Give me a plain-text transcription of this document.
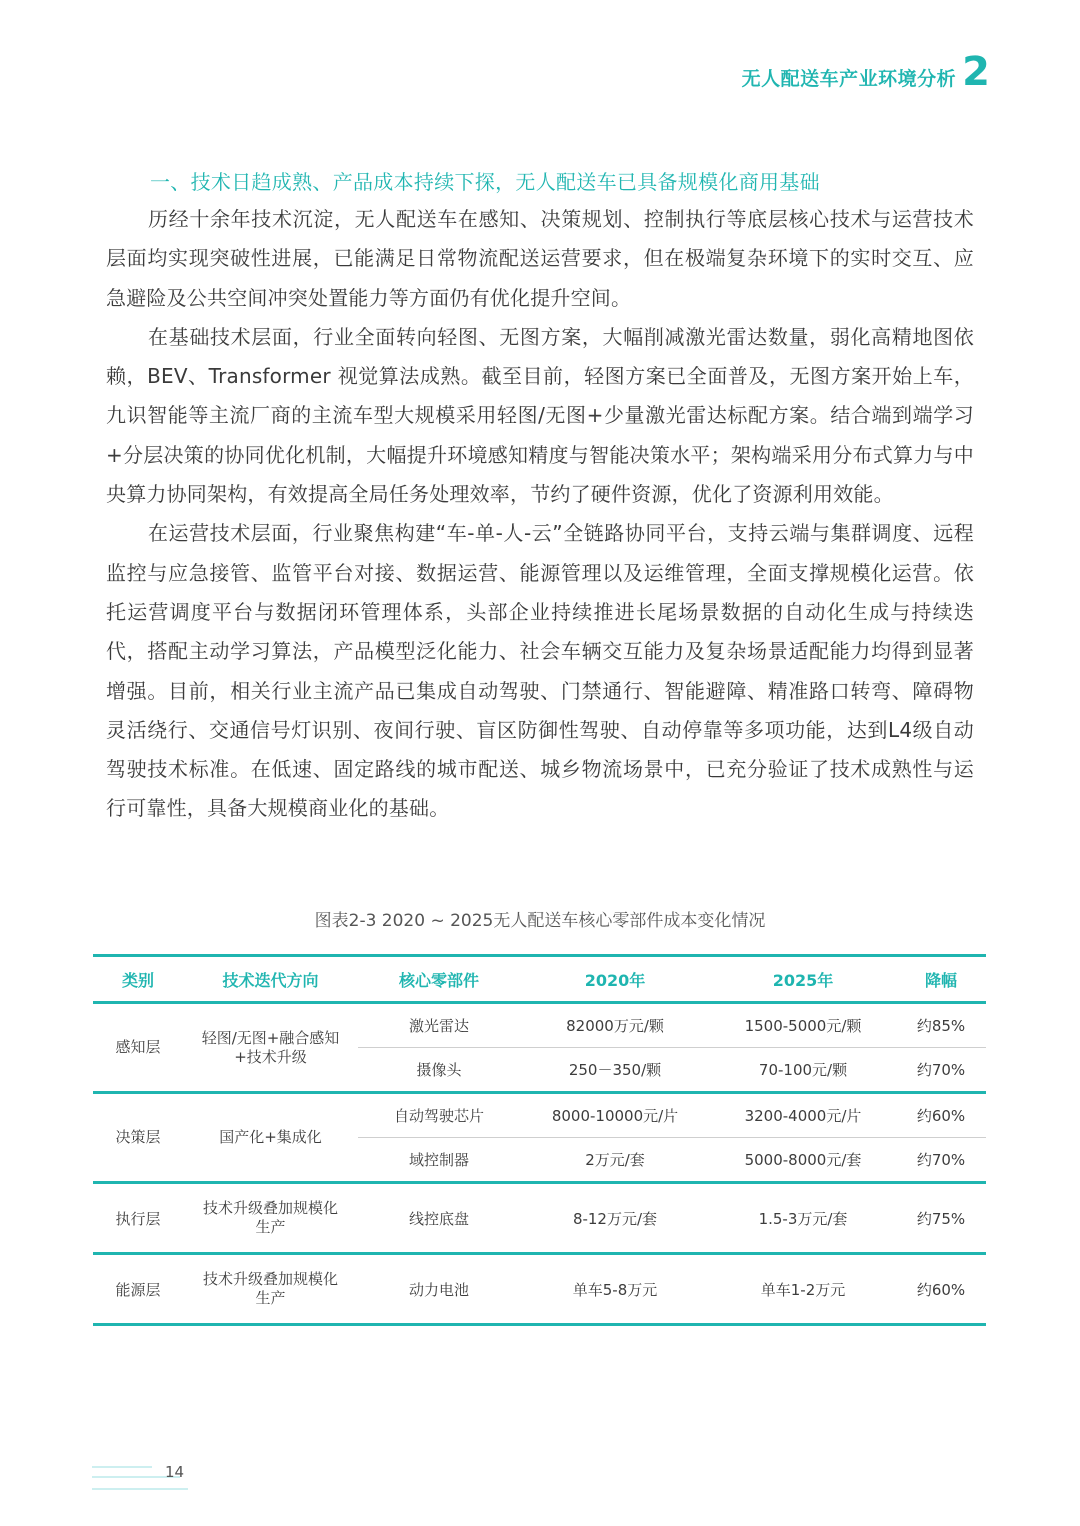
无人配送车产业环境分析 2
一、技术日趋成熟、产品成本持续下探，无人配送车已具备规模化商用基础

历经十余年技术沉淀，无人配送车在感知、决策规划、控制执行等底层核心技术与运营技术层面均实现突破性进展，已能满足日常物流配送运营要求，但在极端复杂环境下的实时交互、应急避险及公共空间冲突处置能力等方面仍有优化提升空间。

在基础技术层面，行业全面转向轻图、无图方案，大幅削减激光雷达数量，弱化高精地图依赖，BEV、Transformer 视觉算法成熟。截至目前，轻图方案已全面普及，无图方案开始上车，九识智能等主流厂商的主流车型大规模采用轻图/无图+少量激光雷达标配方案。结合端到端学习+分层决策的协同优化机制，大幅提升环境感知精度与智能决策水平；架构端采用分布式算力与中央算力协同架构，有效提高全局任务处理效率，节约了硬件资源，优化了资源利用效能。

在运营技术层面，行业聚焦构建“车-单-人-云”全链路协同平台，支持云端与集群调度、远程监控与应急接管、监管平台对接、数据运营、能源管理以及运维管理，全面支撑规模化运营。依托运营调度平台与数据闭环管理体系，头部企业持续推进长尾场景数据的自动化生成与持续迭代，搭配主动学习算法，产品模型泛化能力、社会车辆交互能力及复杂场景适配能力均得到显著增强。目前，相关行业主流产品已集成自动驾驶、门禁通行、智能避障、精准路口转弯、障碍物灵活绕行、交通信号灯识别、夜间行驶、盲区防御性驾驶、自动停靠等多项功能，达到L4级自动驾驶技术标准。在低速、固定路线的城市配送、城乡物流场景中，已充分验证了技术成熟性与运行可靠性，具备大规模商业化的基础。

图表2-3 2020 ~ 2025无人配送车核心零部件成本变化情况
类别	技术迭代方向	核心零部件	2020年	2025年	降幅
感知层	轻图/无图+融合感知+技术升级	激光雷达	82000万元/颗	1500-5000元/颗	约85%
		摄像头	250－350/颗	70-100元/颗	约70%
决策层	国产化+集成化	自动驾驶芯片	8000-10000元/片	3200-4000元/片	约60%
		域控制器	2万元/套	5000-8000元/套	约70%
执行层	技术升级叠加规模化生产	线控底盘	8-12万元/套	1.5-3万元/套	约75%
能源层	技术升级叠加规模化生产	动力电池	单车5-8万元	单车1-2万元	约60%
14
